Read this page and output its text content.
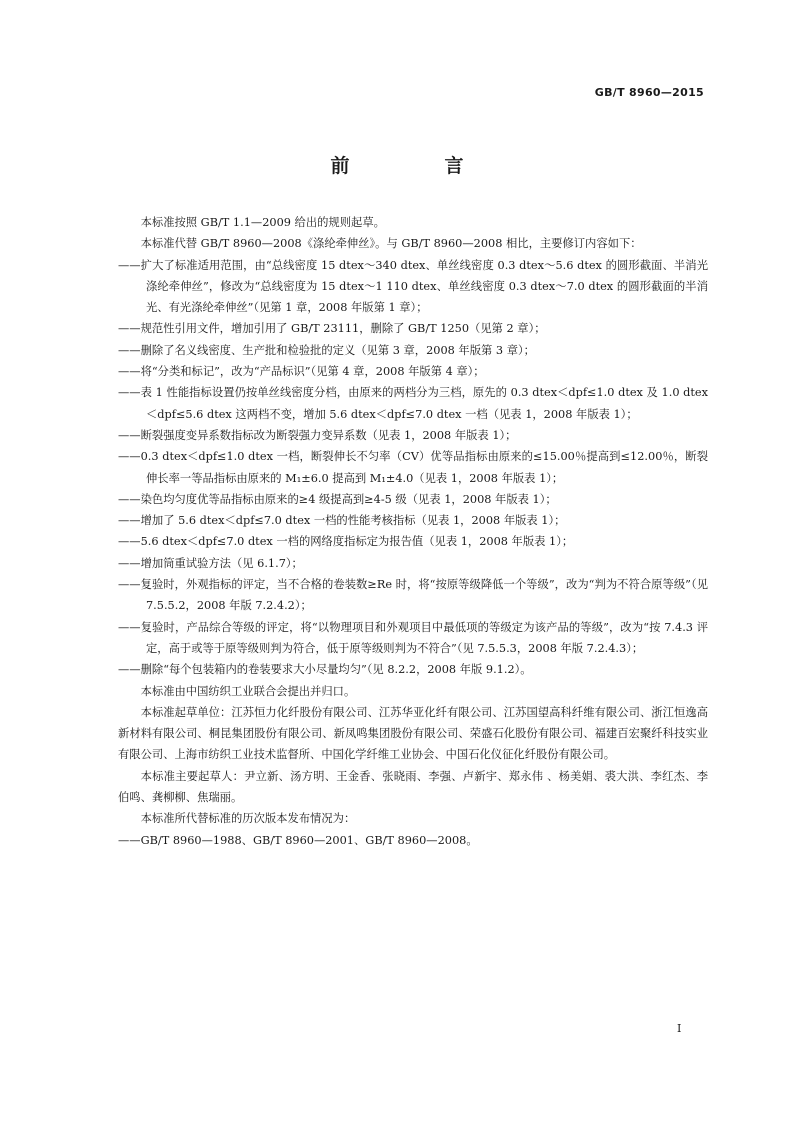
GB/T 8960—2015
前　言

本标准按照 GB/T 1.1—2009 给出的规则起草。

本标准代替 GB/T 8960—2008《涤纶牵伸丝》。与 GB/T 8960—2008 相比，主要修订内容如下：

——扩大了标准适用范围，由“总线密度 15 dtex～340 dtex、单丝线密度 0.3 dtex～5.6 dtex 的圆形截面、半消光涤纶牵伸丝”，修改为“总线密度为 15 dtex～1 110 dtex、单丝线密度 0.3 dtex～7.0 dtex 的圆形截面的半消光、有光涤纶牵伸丝”（见第 1 章，2008 年版第 1 章）；

——规范性引用文件，增加引用了 GB/T 23111，删除了 GB/T 1250（见第 2 章）；

——删除了名义线密度、生产批和检验批的定义（见第 3 章，2008 年版第 3 章）；

——将“分类和标记”，改为“产品标识”（见第 4 章，2008 年版第 4 章）；

——表 1 性能指标设置仍按单丝线密度分档，由原来的两档分为三档，原先的 0.3 dtex＜dpf≤1.0 dtex 及 1.0 dtex＜dpf≤5.6 dtex 这两档不变，增加 5.6 dtex＜dpf≤7.0 dtex 一档（见表 1，2008 年版表 1）；

——断裂强度变异系数指标改为断裂强力变异系数（见表 1，2008 年版表 1）；

——0.3 dtex＜dpf≤1.0 dtex 一档，断裂伸长不匀率（CV）优等品指标由原来的≤15.00％提高到≤12.00％，断裂伸长率一等品指标由原来的 M₁±6.0 提高到 M₁±4.0（见表 1，2008 年版表 1）；

——染色均匀度优等品指标由原来的≥4 级提高到≥4-5 级（见表 1，2008 年版表 1）；

——增加了 5.6 dtex＜dpf≤7.0 dtex 一档的性能考核指标（见表 1，2008 年版表 1）；

——5.6 dtex＜dpf≤7.0 dtex 一档的网络度指标定为报告值（见表 1，2008 年版表 1）；

——增加筒重试验方法（见 6.1.7）；

——复验时，外观指标的评定，当不合格的卷装数≥Re 时，将“按原等级降低一个等级”，改为“判为不符合原等级”（见 7.5.5.2，2008 年版 7.2.4.2）；

——复验时，产品综合等级的评定，将“以物理项目和外观项目中最低项的等级定为该产品的等级”，改为“按 7.4.3 评定，高于或等于原等级则判为符合，低于原等级则判为不符合”（见 7.5.5.3，2008 年版 7.2.4.3）；

——删除“每个包装箱内的卷装要求大小尽量均匀”（见 8.2.2，2008 年版 9.1.2）。

本标准由中国纺织工业联合会提出并归口。

本标准起草单位：江苏恒力化纤股份有限公司、江苏华亚化纤有限公司、江苏国望高科纤维有限公司、浙江恒逸高新材料有限公司、桐昆集团股份有限公司、新凤鸣集团股份有限公司、荣盛石化股份有限公司、福建百宏聚纤科技实业有限公司、上海市纺织工业技术监督所、中国化学纤维工业协会、中国石化仪征化纤股份有限公司。

本标准主要起草人：尹立新、汤方明、王金香、张晓雨、李强、卢新宇、郑永伟 、杨美娟、裘大洪、李红杰、李伯鸣、龚柳柳、焦瑞丽。

本标准所代替标准的历次版本发布情况为：

——GB/T 8960—1988、GB/T 8960—2001、GB/T 8960—2008。

I
